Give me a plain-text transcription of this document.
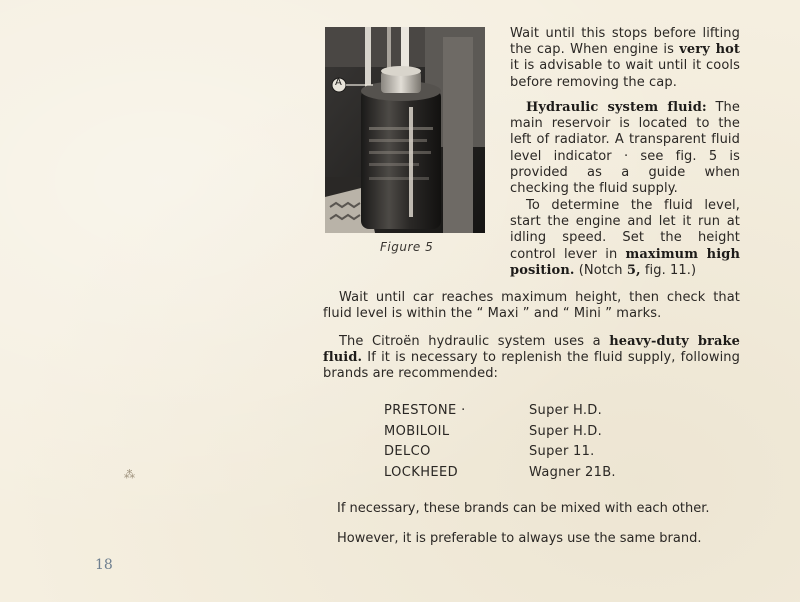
⁂
A
Figure 5

Wait until this stops before lifting the cap. When engine is very hot it is advisable to wait until it cools before removing the cap.

Hydraulic system fluid: The main reservoir is located to the left of radiator. A transparent fluid level indicator · see fig. 5 is provided as a guide when checking the fluid supply.

To determine the fluid level, start the engine and let it run at idling speed. Set the height control lever in maximum high position. (Notch 5, fig. 11.)

Wait until car reaches maximum height, then check that fluid level is within the “ Maxi ” and “ Mini ” marks.

The Citroën hydraulic system uses a heavy-duty brake fluid. If it is necessary to replenish the fluid supply, following brands are recommended:

PRESTONE ·	Super H.D.
MOBILOIL	Super H.D.
DELCO	Super 11.
LOCKHEED	Wagner 21B.
If necessary, these brands can be mixed with each other.
However, it is preferable to always use the same brand.
18
